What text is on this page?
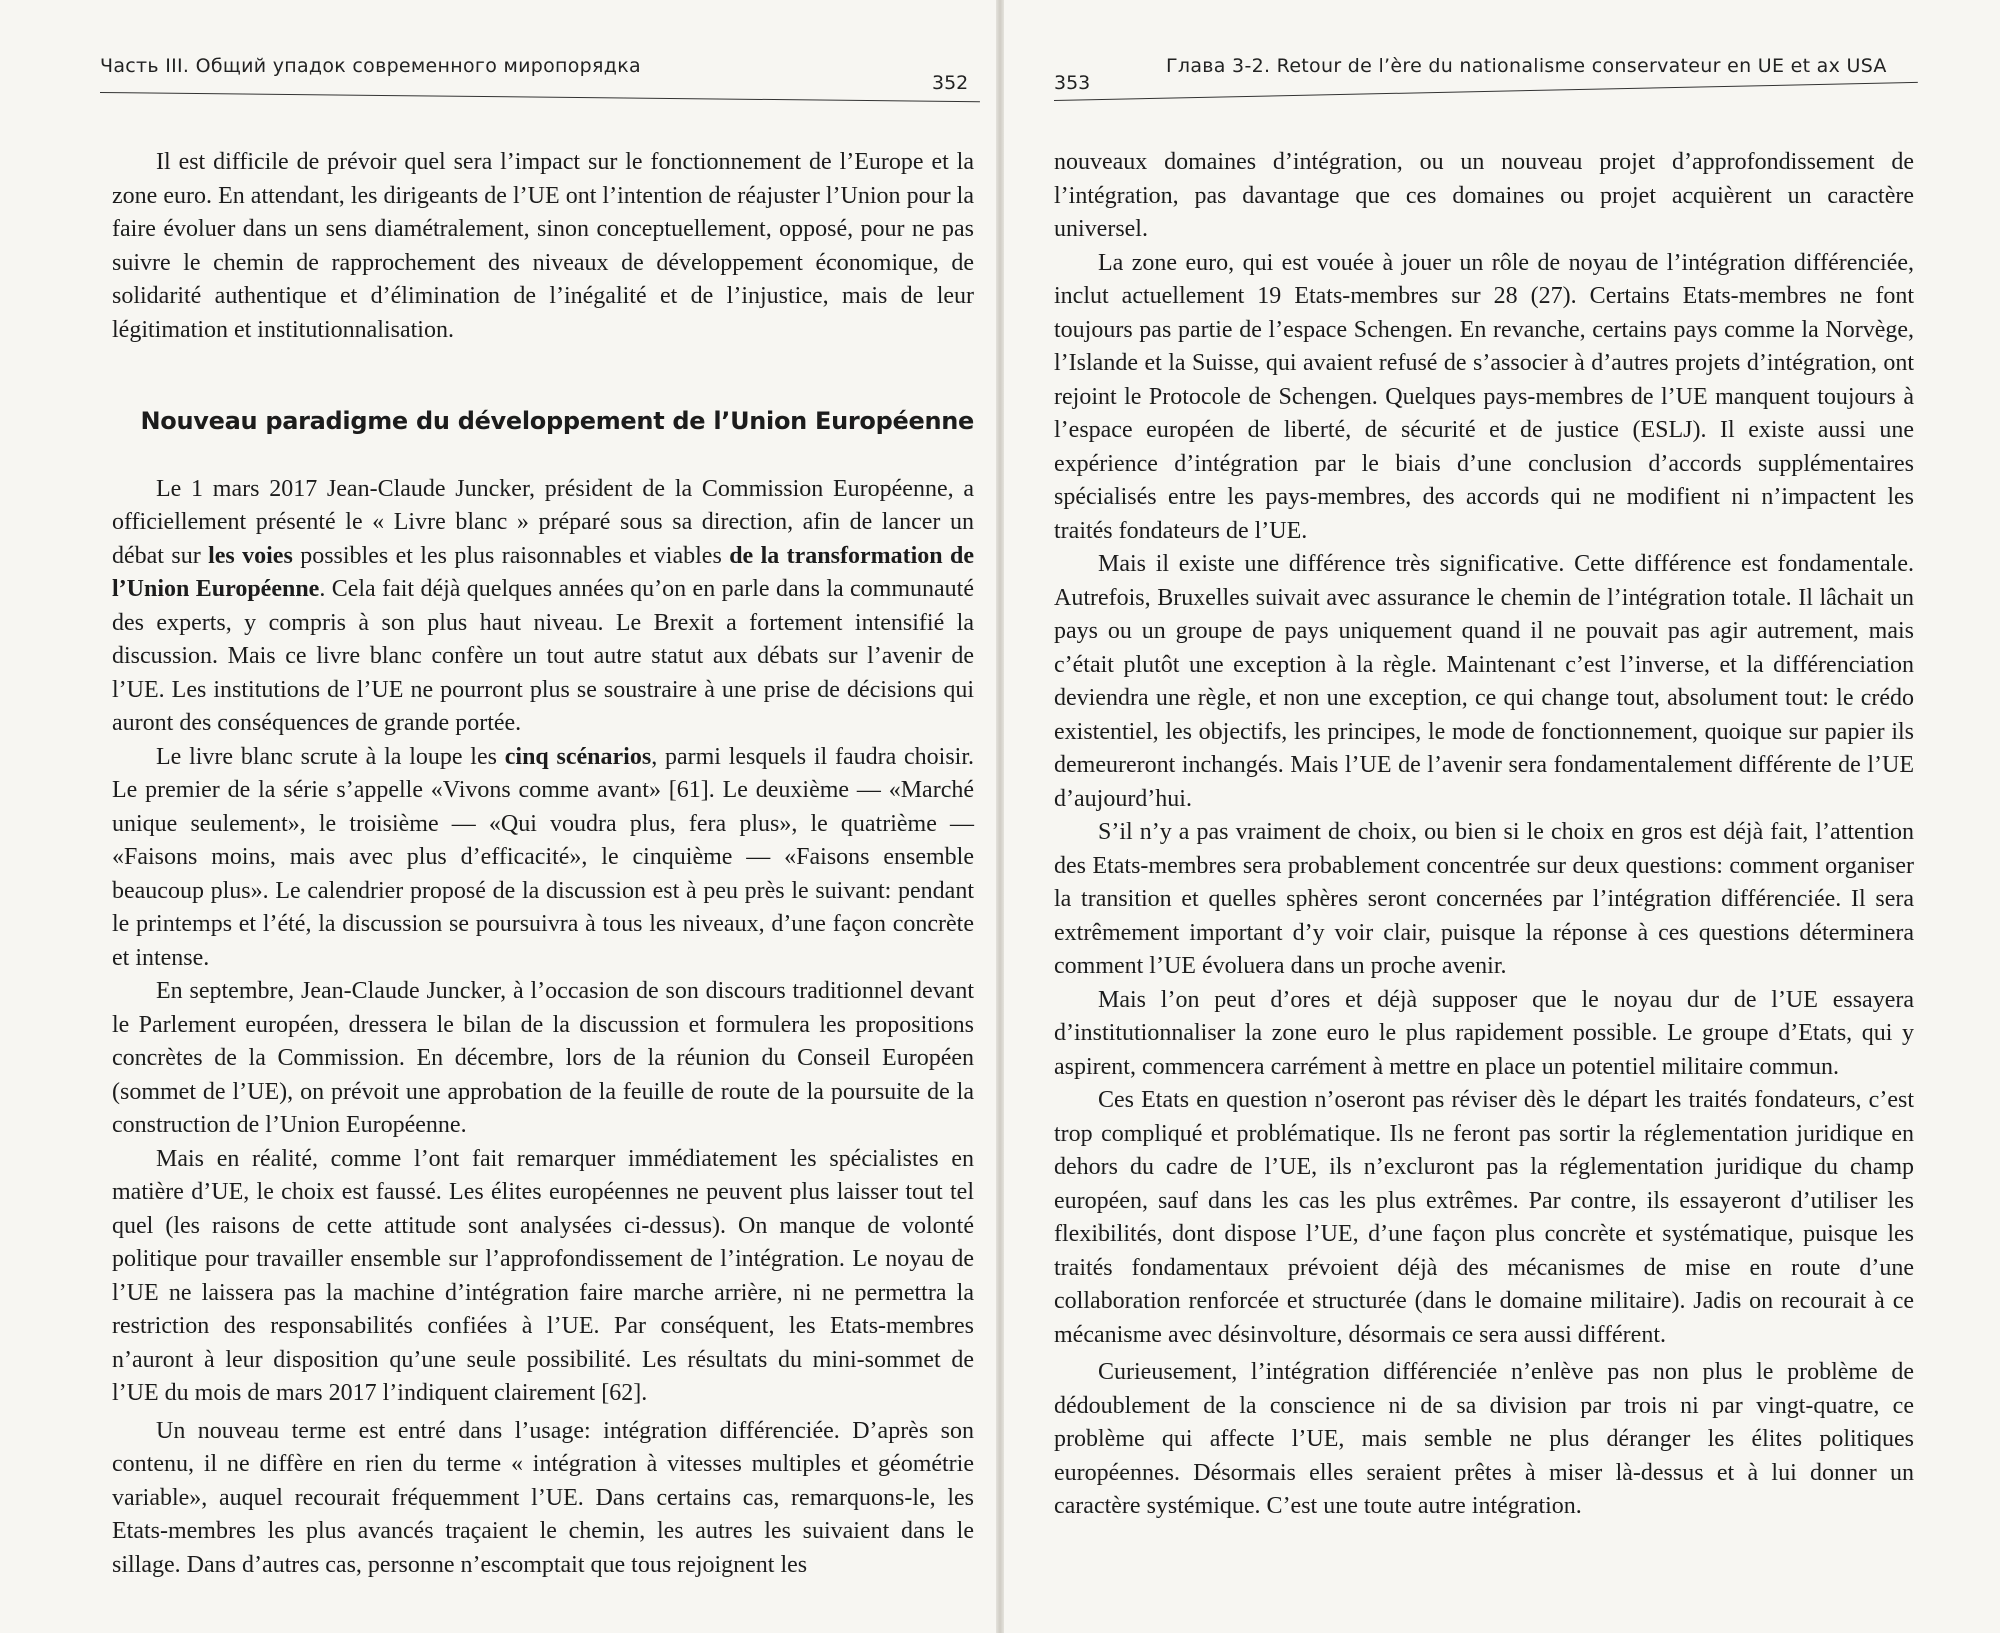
Часть III. Общий упадок современного миропорядка
352

Il est difficile de prévoir quel sera l’impact sur le fonctionnement de l’Europe et la zone euro. En attendant, les dirigeants de l’UE ont l’intention de réajuster l’Union pour la faire évoluer dans un sens diamétralement, sinon conceptuellement, opposé, pour ne pas suivre le chemin de rapprochement des niveaux de développement économique, de solidarité authentique et d’élimination de l’inégalité et de l’injustice, mais de leur légitimation et institutionnalisation.

Nouveau paradigme du développement de l’Union Européenne

Le 1 mars 2017 Jean-Claude Juncker, président de la Commission Européenne, a officiellement présenté le « Livre blanc » préparé sous sa direction, afin de lancer un débat sur les voies possibles et les plus raisonnables et viables de la transformation de l’Union Européenne. Cela fait déjà quelques années qu’on en parle dans la communauté des experts, y compris à son plus haut niveau. Le Brexit a fortement intensifié la discussion. Mais ce livre blanc confère un tout autre statut aux débats sur l’avenir de l’UE. Les institutions de l’UE ne pourront plus se soustraire à une prise de décisions qui auront des conséquences de grande portée.

Le livre blanc scrute à la loupe les cinq scénarios, parmi lesquels il faudra choisir. Le premier de la série s’appelle «Vivons comme avant» [61]. Le deuxième — «Marché unique seulement», le troisième — «Qui voudra plus, fera plus», le quatrième — «Faisons moins, mais avec plus d’efficacité», le cinquième — «Faisons ensemble beaucoup plus». Le calendrier proposé de la discussion est à peu près le suivant: pendant le printemps et l’été, la discussion se poursuivra à tous les niveaux, d’une façon concrète et intense.

En septembre, Jean-Claude Juncker, à l’occasion de son discours traditionnel devant le Parlement européen, dressera le bilan de la discussion et formulera les propositions concrètes de la Commission. En décembre, lors de la réunion du Conseil Européen (sommet de l’UE), on prévoit une approbation de la feuille de route de la poursuite de la construction de l’Union Européenne.

Mais en réalité, comme l’ont fait remarquer immédiatement les spécialistes en matière d’UE, le choix est faussé. Les élites européennes ne peuvent plus laisser tout tel quel (les raisons de cette attitude sont analysées ci-dessus). On manque de volonté politique pour travailler ensemble sur l’approfondissement de l’intégration. Le noyau de l’UE ne laissera pas la machine d’intégration faire marche arrière, ni ne permettra la restriction des responsabilités confiées à l’UE. Par conséquent, les Etats-membres n’auront à leur disposition qu’une seule possibilité. Les résultats du mini-sommet de l’UE du mois de mars 2017 l’indiquent clairement [62].

Un nouveau terme est entré dans l’usage: intégration différenciée. D’après son contenu, il ne diffère en rien du terme « intégration à vitesses multiples et géométrie variable», auquel recourait fréquemment l’UE. Dans certains cas, remarquons-le, les Etats-membres les plus avancés traçaient le chemin, les autres les suivaient dans le sillage. Dans d’autres cas, personne n’escomptait que tous rejoignent les

353
Глава 3-2. Retour de l’ère du nationalisme conservateur en UE et ax USA

nouveaux domaines d’intégration, ou un nouveau projet d’approfondissement de l’intégration, pas davantage que ces domaines ou projet acquièrent un caractère universel.

La zone euro, qui est vouée à jouer un rôle de noyau de l’intégration différenciée, inclut actuellement 19 Etats-membres sur 28 (27). Certains Etats-membres ne font toujours pas partie de l’espace Schengen. En revanche, certains pays comme la Norvège, l’Islande et la Suisse, qui avaient refusé de s’associer à d’autres projets d’intégration, ont rejoint le Protocole de Schengen. Quelques pays-membres de l’UE manquent toujours à l’espace européen de liberté, de sécurité et de justice (ESLJ). Il existe aussi une expérience d’intégration par le biais d’une conclusion d’accords supplémentaires spécialisés entre les pays-membres, des accords qui ne modifient ni n’impactent les traités fondateurs de l’UE.

Mais il existe une différence très significative. Cette différence est fondamentale. Autrefois, Bruxelles suivait avec assurance le chemin de l’intégration totale. Il lâchait un pays ou un groupe de pays uniquement quand il ne pouvait pas agir autrement, mais c’était plutôt une exception à la règle. Maintenant c’est l’inverse, et la différenciation deviendra une règle, et non une exception, ce qui change tout, absolument tout: le crédo existentiel, les objectifs, les principes, le mode de fonctionnement, quoique sur papier ils demeureront inchangés. Mais l’UE de l’avenir sera fondamentalement différente de l’UE d’aujourd’hui.

S’il n’y a pas vraiment de choix, ou bien si le choix en gros est déjà fait, l’attention des Etats-membres sera probablement concentrée sur deux questions: comment organiser la transition et quelles sphères seront concernées par l’intégration différenciée. Il sera extrêmement important d’y voir clair, puisque la réponse à ces questions déterminera comment l’UE évoluera dans un proche avenir.

Mais l’on peut d’ores et déjà supposer que le noyau dur de l’UE essayera d’institutionnaliser la zone euro le plus rapidement possible. Le groupe d’Etats, qui y aspirent, commencera carrément à mettre en place un potentiel militaire commun.

Ces Etats en question n’oseront pas réviser dès le départ les traités fondateurs, c’est trop compliqué et problématique. Ils ne feront pas sortir la réglementation juridique en dehors du cadre de l’UE, ils n’excluront pas la réglementation juridique du champ européen, sauf dans les cas les plus extrêmes. Par contre, ils essayeront d’utiliser les flexibilités, dont dispose l’UE, d’une façon plus concrète et systématique, puisque les traités fondamentaux prévoient déjà des mécanismes de mise en route d’une collaboration renforcée et structurée (dans le domaine militaire). Jadis on recourait à ce mécanisme avec désinvolture, désormais ce sera aussi différent.

Curieusement, l’intégration différenciée n’enlève pas non plus le problème de dédoublement de la conscience ni de sa division par trois ni par vingt-quatre, ce problème qui affecte l’UE, mais semble ne plus déranger les élites politiques européennes. Désormais elles seraient prêtes à miser là-dessus et à lui donner un caractère systémique. C’est une toute autre intégration.
